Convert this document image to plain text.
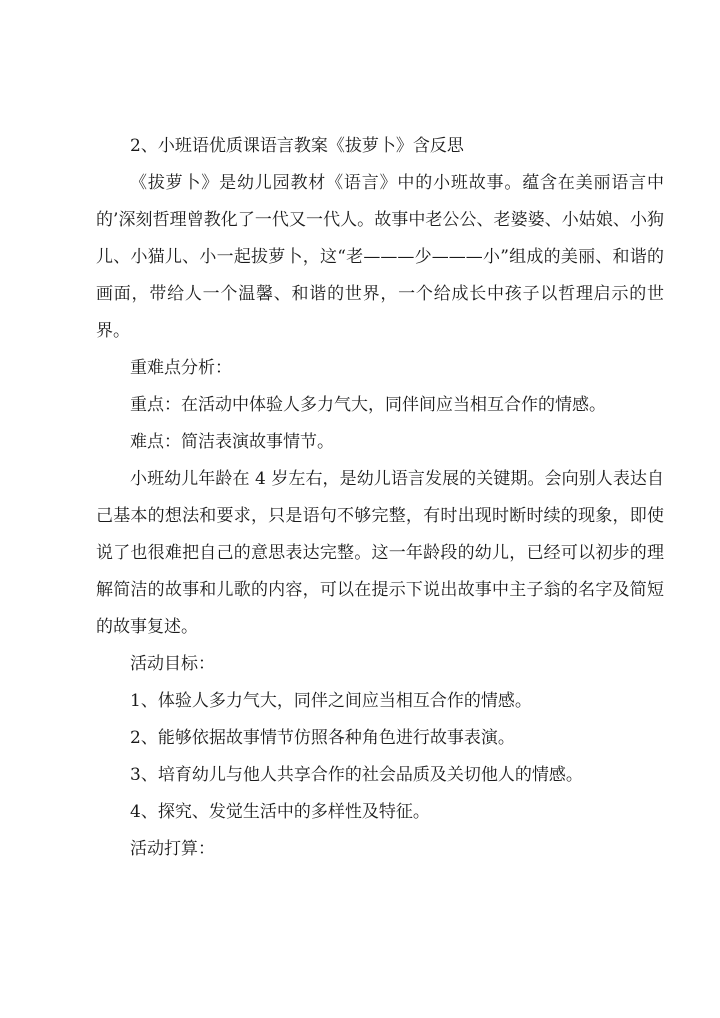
2、小班语优质课语言教案《拔萝卜》含反思

《拔萝卜》是幼儿园教材《语言》中的小班故事。蕴含在美丽语言中的’深刻哲理曾教化了一代又一代人。故事中老公公、老婆婆、小姑娘、小狗儿、小猫儿、小一起拔萝卜，这“老———少———小”组成的美丽、和谐的画面，带给人一个温馨、和谐的世界，一个给成长中孩子以哲理启示的世界。

重难点分析：

重点：在活动中体验人多力气大，同伴间应当相互合作的情感。

难点：简洁表演故事情节。

小班幼儿年龄在 4 岁左右，是幼儿语言发展的关键期。会向别人表达自己基本的想法和要求，只是语句不够完整，有时出现时断时续的现象，即使说了也很难把自己的意思表达完整。这一年龄段的幼儿，已经可以初步的理解简洁的故事和儿歌的内容，可以在提示下说出故事中主子翁的名字及简短的故事复述。

活动目标：

1、体验人多力气大，同伴之间应当相互合作的情感。

2、能够依据故事情节仿照各种角色进行故事表演。

3、培育幼儿与他人共享合作的社会品质及关切他人的情感。

4、探究、发觉生活中的多样性及特征。

活动打算：
